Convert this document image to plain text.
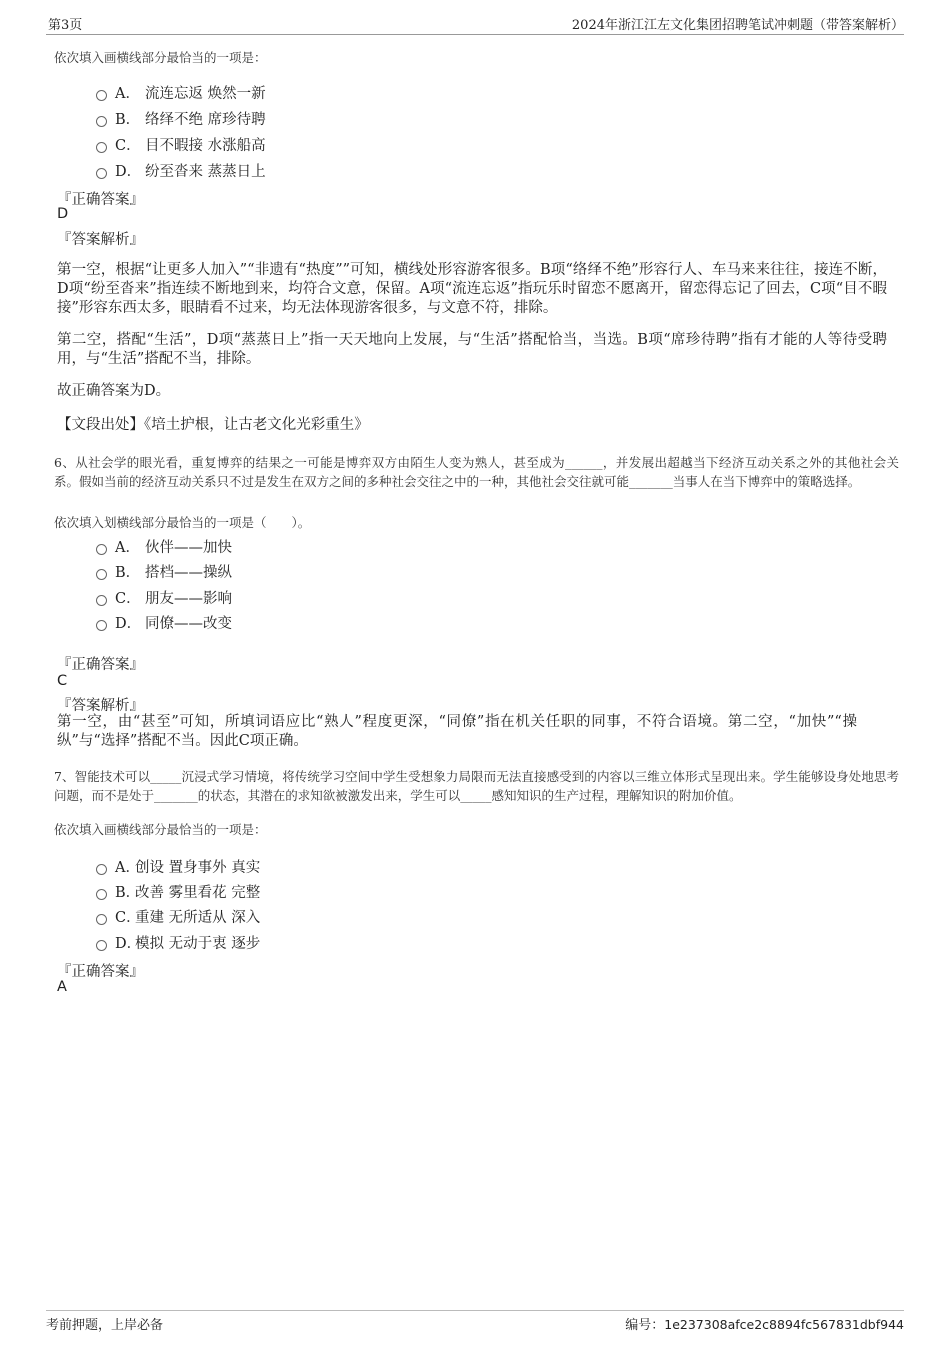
第3页	2024年浙江江左文化集团招聘笔试冲刺题（带答案解析）
依次填入画横线部分最恰当的一项是：
A． 流连忘返 焕然一新
B． 络绎不绝 席珍待聘
C． 目不暇接 水涨船高
D． 纷至沓来 蒸蒸日上
『正确答案』
D
『答案解析』
第一空，根据“让更多人加入”“非遗有“热度””可知，横线处形容游客很多。B项“络绎不绝”形容行人、车马来来往往，接连不断，D项“纷至沓来”指连续不断地到来，均符合文意，保留。A项“流连忘返”指玩乐时留恋不愿离开，留恋得忘记了回去，C项“目不暇接”形容东西太多，眼睛看不过来，均无法体现游客很多，与文意不符，排除。
第二空，搭配“生活”，D项“蒸蒸日上”指一天天地向上发展，与“生活”搭配恰当，当选。B项“席珍待聘”指有才能的人等待受聘用，与“生活”搭配不当，排除。
故正确答案为D。
【文段出处】《培土护根，让古老文化光彩重生》
6、从社会学的眼光看，重复博弈的结果之一可能是博弈双方由陌生人变为熟人，甚至成为______，并发展出超越当下经济互动关系之外的其他社会关系。假如当前的经济互动关系只不过是发生在双方之间的多种社会交往之中的一种，其他社会交往就可能_______当事人在当下博弈中的策略选择。
依次填入划横线部分最恰当的一项是（　　）。
A． 伙伴——加快
B． 搭档——操纵
C． 朋友——影响
D． 同僚——改变
『正确答案』
C
『答案解析』
第一空，由“甚至”可知，所填词语应比“熟人”程度更深，“同僚”指在机关任职的同事，不符合语境。第二空，“加快”“操纵”与“选择”搭配不当。因此C项正确。
7、智能技术可以_____沉浸式学习情境，将传统学习空间中学生受想象力局限而无法直接感受到的内容以三维立体形式呈现出来。学生能够设身处地思考问题，而不是处于_______的状态，其潜在的求知欲被激发出来，学生可以_____感知知识的生产过程，理解知识的附加价值。
依次填入画横线部分最恰当的一项是：
A．创设 置身事外 真实
B．改善 雾里看花 完整
C．重建 无所适从 深入
D．模拟 无动于衷 逐步
『正确答案』
A
考前押题，上岸必备	编号：1e237308afce2c8894fc567831dbf944
